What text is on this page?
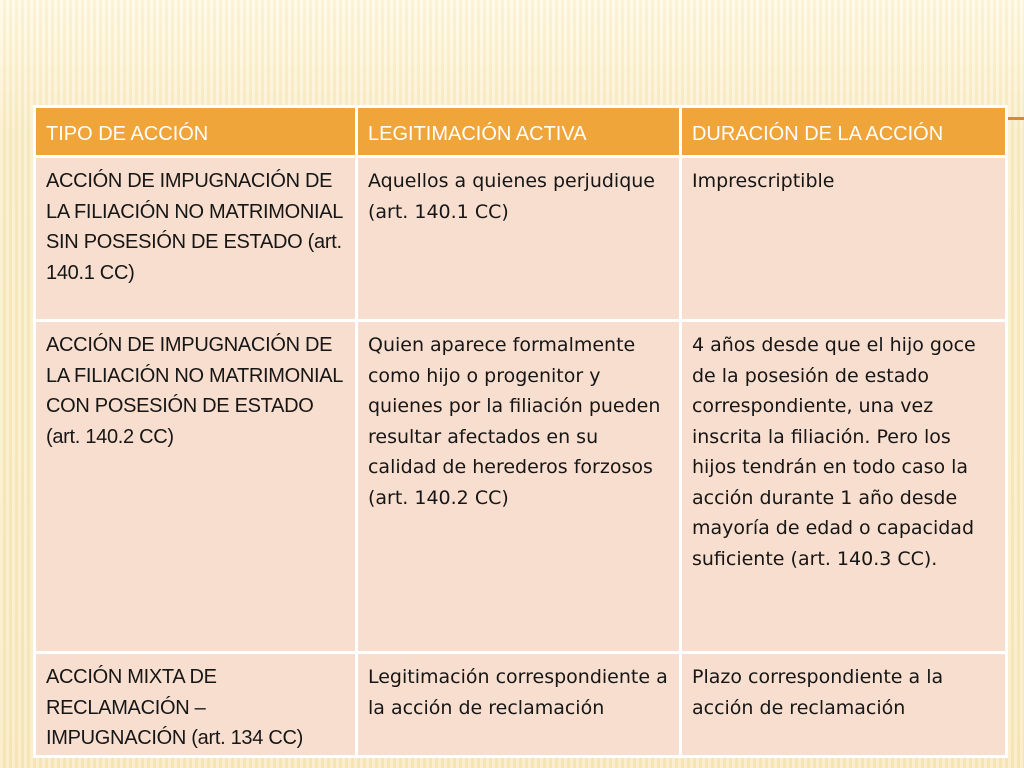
TIPO DE ACCIÓN	LEGITIMACIÓN ACTIVA	DURACIÓN DE LA ACCIÓN
ACCIÓN DE IMPUGNACIÓN DE LA FILIACIÓN NO MATRIMONIAL SIN POSESIÓN DE ESTADO (art. 140.1 CC)	Aquellos a quienes perjudique (art. 140.1 CC)	Imprescriptible
ACCIÓN DE IMPUGNACIÓN DE LA FILIACIÓN NO MATRIMONIAL CON POSESIÓN DE ESTADO (art. 140.2 CC)	Quien aparece formalmente como hijo o progenitor y quienes por la filiación pueden resultar afectados en su calidad de herederos forzosos (art. 140.2 CC)	4 años desde que el hijo goce de la posesión de estado correspondiente, una vez inscrita la filiación. Pero los hijos tendrán en todo caso la acción durante 1 año desde mayoría de edad o capacidad suficiente (art. 140.3 CC).
ACCIÓN MIXTA DE RECLAMACIÓN – IMPUGNACIÓN (art. 134 CC)	Legitimación correspondiente a la acción de reclamación	Plazo correspondiente a la acción de reclamación
